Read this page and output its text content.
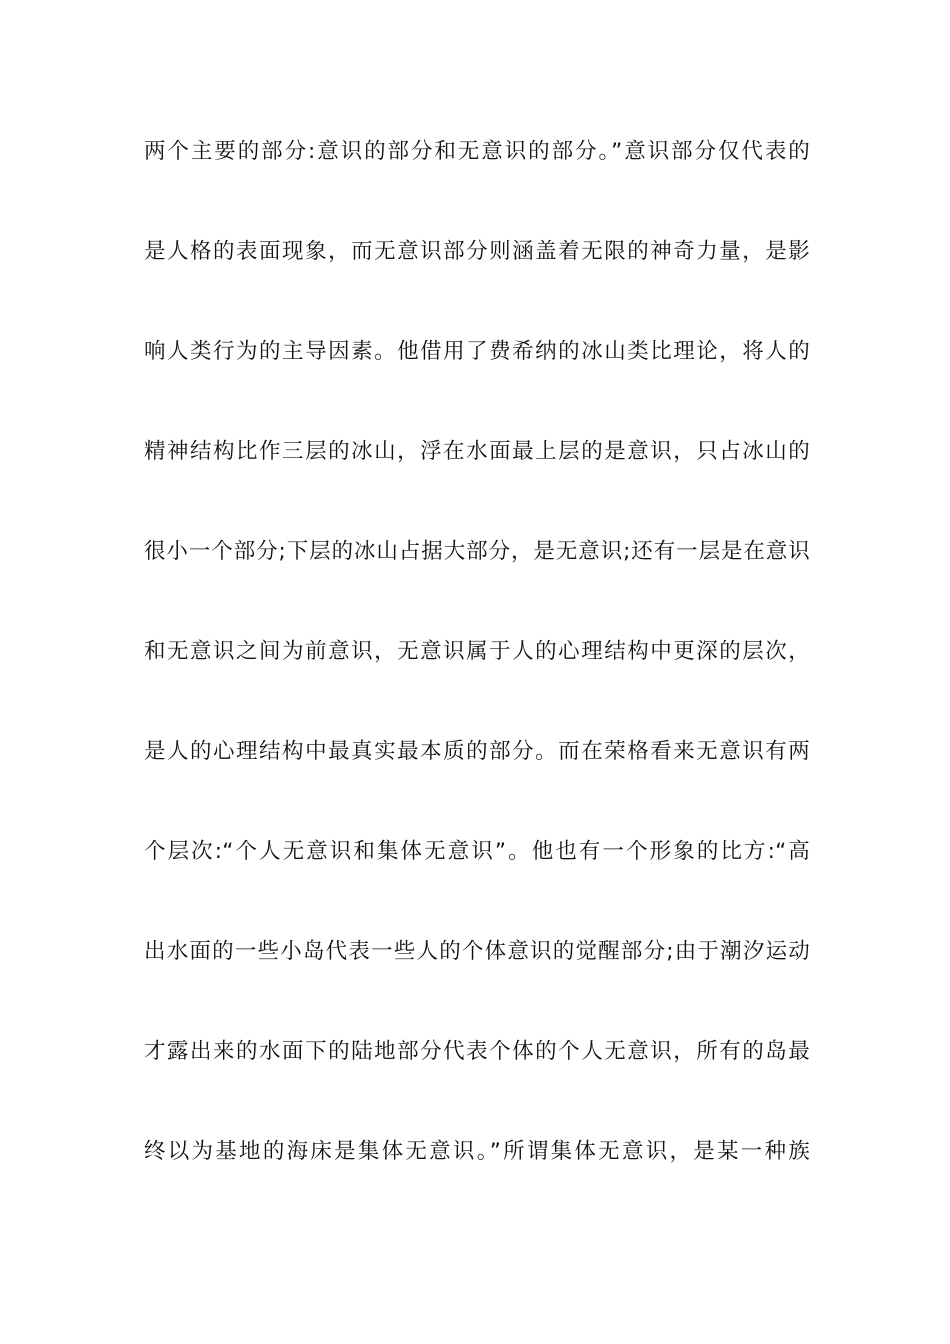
两个主要的部分:意识的部分和无意识的部分。”意识部分仅代表的
是人格的表面现象，而无意识部分则涵盖着无限的神奇力量，是影
响人类行为的主导因素。他借用了费希纳的冰山类比理论，将人的
精神结构比作三层的冰山，浮在水面最上层的是意识，只占冰山的
很小一个部分;下层的冰山占据大部分，是无意识;还有一层是在意识
和无意识之间为前意识，无意识属于人的心理结构中更深的层次，
是人的心理结构中最真实最本质的部分。而在荣格看来无意识有两
个层次:“个人无意识和集体无意识”。他也有一个形象的比方:“高
出水面的一些小岛代表一些人的个体意识的觉醒部分;由于潮汐运动
才露出来的水面下的陆地部分代表个体的个人无意识，所有的岛最
终以为基地的海床是集体无意识。”所谓集体无意识，是某一种族
